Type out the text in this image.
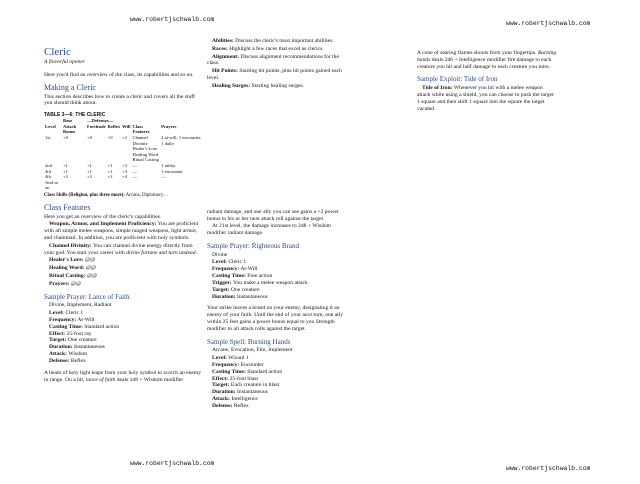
www.robertjschwalb.com
www.robertjschwalb.com
www.robertjschwalb.com
www.robertjschwalb.com
Cleric
A flavorful opener
Here you'd find an overview of the class, its capabilities and so on.
Making a Cleric
This section describes how to create a cleric and covers all the stuff you should think about.
TABLE 3—6: THE CLERIC
	Base	—Defenses—				
Level	Attack Bonus	Fortitude	Reflex	Will	Class Features	Prayers
1st	+0	+0	+0	+2	Channel Divinity	2 at-will, 1 encounter, 1 daily
					Healer's Lore	
					Healing Word	
					Ritual Casting	
2nd	+1	+1	+1	+3	—	1 utility
3rd	+1	+1	+1	+3	—	1 encounter
4th	+2	+2	+2	+4	—	—
And so on						
Class Skills (Religion, plus three more): Arcana, Diplomacy…
Class Features
Here you get an overview of the cleric's capabilities.
Weapon, Armor, and Implement Proficiency: You are proficient with all simple melee weapons, simple ranged weapons, light armor, and chainmail. In addition, you are proficient with holy symbols.
Channel Divinity: You can channel divine energy directly from your god. You start your career with divine fortune and turn undead.
Healer's Lore: @@
Healing Word: @@
Ritual Casting: @@
Prayers: @@
Sample Prayer: Lance of Faith
Divine, Implement, Radiant
Level: Cleric 1
Frequency: At-Will
Casting Time: Standard action
Effect: 25-foot ray
Target: One creature
Duration: Instantaneous
Attack: Wisdom
Defense: Reflex
A beam of holy light leaps from your holy symbol to scorch an enemy in range. On a hit, lance of faith deals 1d8 + Wisdom modifier
Abilities: Discuss the cleric's most important abilities.
Races: Highlight a few races that excel as clerics.
Alignment: Discuss alignment recommendations for the class.
Hit Points: Starting hit points, plus hit points gained each level.
Healing Surges: Starting healing surges.
radiant damage, and one ally you can see gains a +2 power bonus to his or her next attack roll against the target.
At 21st level, the damage increases to 2d8 + Wisdom modifier radiant damage.
Sample Prayer: Righteous Brand
Divine
Level: Cleric 1
Frequency: At-Will
Casting Time: Free action
Trigger: You make a melee weapon attack
Target: One creature
Duration: Instantaneous
Your strike leaves a brand on your enemy, designating it an enemy of your faith. Until the end of your next turn, one ally within 25 feet gains a power bonus equal to you Strength modifier to all attack rolls against the target.
Sample Spell: Burning Hands
Arcane, Evocation, Fire, Implement
Level: Wizard 1
Frequency: Encounter
Casting Time: Standard action
Effect: 25-foot blast
Target: Each creature in blast
Duration: Instantaneous
Attack: Intelligence
Defense: Reflex
A cone of searing flames shoots from your fingertips. Burning hands deals 2d6 + Intelligence modifier fire damage to each creature you hit and half damage to each creature you miss.
Sample Exploit: Tide of Iron
Tide of Iron: Whenever you hit with a melee weapon attack while using a shield, you can choose to push the target 1 square and then shift 1 square into the square the target vacated.
